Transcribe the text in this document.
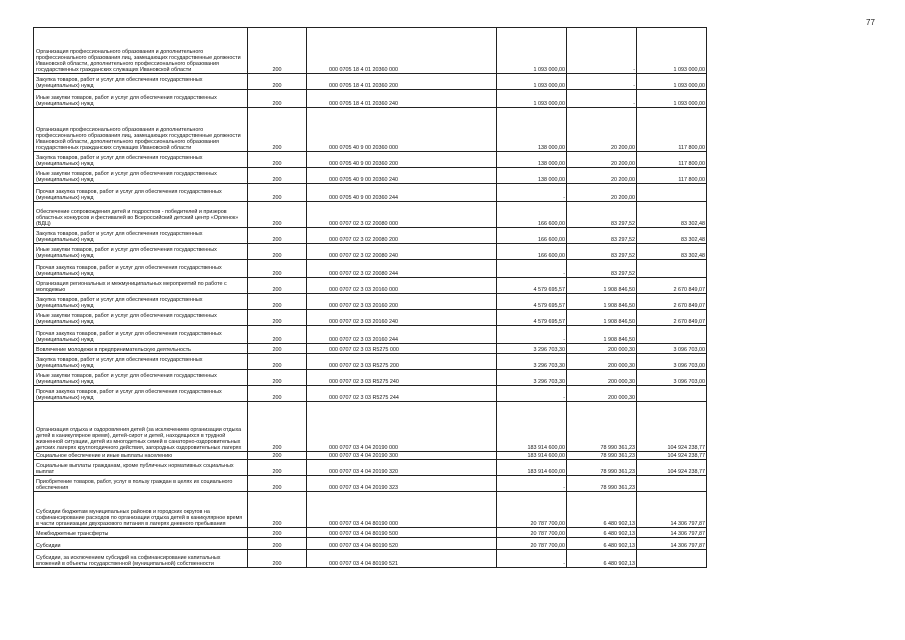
77
Организация профессионального образования и дополнительного профессионального образования лиц, замещающих государственные должности Ивановской области, дополнительного профессионального образования государственных гражданских служащих Ивановской области	200	000 0705 18 4 01 20360 000	1 093 000,00	-	1 093 000,00
Закупка товаров, работ и услуг для обеспечения государственных (муниципальных) нужд	200	000 0705 18 4 01 20360 200	1 093 000,00	-	1 093 000,00
Иные закупки товаров, работ и услуг для обеспечения государственных (муниципальных) нужд	200	000 0705 18 4 01 20360 240	1 093 000,00	-	1 093 000,00
Организация профессионального образования и дополнительного профессионального образования лиц, замещающих государственные должности Ивановской области, дополнительного профессионального образования государственных гражданских служащих Ивановской области	200	000 0705 40 9 00 20360 000	138 000,00	20 200,00	117 800,00
Закупка товаров, работ и услуг для обеспечения государственных (муниципальных) нужд	200	000 0705 40 9 00 20360 200	138 000,00	20 200,00	117 800,00
Иные закупки товаров, работ и услуг для обеспечения государственных (муниципальных) нужд	200	000 0705 40 9 00 20360 240	138 000,00	20 200,00	117 800,00
Прочая закупка товаров, работ и услуг для обеспечения государственных (муниципальных) нужд	200	000 0705 40 9 00 20360 244	-	20 200,00	
Обеспечение сопровождения детей и подростков - победителей и призеров областных конкурсов и фестивалей во Всероссийский детский центр «Орленок» (ВДЦ)	200	000 0707 02 3 02 20080 000	166 600,00	83 297,52	83 302,48
Закупка товаров, работ и услуг для обеспечения государственных (муниципальных) нужд	200	000 0707 02 3 02 20080 200	166 600,00	83 297,52	83 302,48
Иные закупки товаров, работ и услуг для обеспечения государственных (муниципальных) нужд	200	000 0707 02 3 02 20080 240	166 600,00	83 297,52	83 302,48
Прочая закупка товаров, работ и услуг для обеспечения государственных (муниципальных) нужд	200	000 0707 02 3 02 20080 244	-	83 297,52	
Организация региональных и межмуниципальных мероприятий по работе с молодежью	200	000 0707 02 3 03 20160 000	4 579 695,57	1 908 846,50	2 670 849,07
Закупка товаров, работ и услуг для обеспечения государственных (муниципальных) нужд	200	000 0707 02 3 03 20160 200	4 579 695,57	1 908 846,50	2 670 849,07
Иные закупки товаров, работ и услуг для обеспечения государственных (муниципальных) нужд	200	000 0707 02 3 03 20160 240	4 579 695,57	1 908 846,50	2 670 849,07
Прочая закупка товаров, работ и услуг для обеспечения государственных (муниципальных) нужд	200	000 0707 02 3 03 20160 244	-	1 908 846,50	
Вовлечение молодежи в предпринимательскую деятельность	200	000 0707 02 3 03 R5275 000	3 296 703,30	200 000,30	3 096 703,00
Закупка товаров, работ и услуг для обеспечения государственных (муниципальных) нужд	200	000 0707 02 3 03 R5275 200	3 296 703,30	200 000,30	3 096 703,00
Иные закупки товаров, работ и услуг для обеспечения государственных (муниципальных) нужд	200	000 0707 02 3 03 R5275 240	3 296 703,30	200 000,30	3 096 703,00
Прочая закупка товаров, работ и услуг для обеспечения государственных (муниципальных) нужд	200	000 0707 02 3 03 R5275 244	-	200 000,30	
Организация отдыха и оздоровления детей (за исключением организации отдыха детей в каникулярное время), детей-сирот и детей, находящихся в трудной жизненной ситуации, детей из многодетных семей в санаторно-оздоровительных детских лагерях круглогодичного действия, загородных оздоровительных лагерях	200	000 0707 03 4 04 20190 000	183 914 600,00	78 990 361,23	104 924 238,77
Социальное обеспечение и иные выплаты населению	200	000 0707 03 4 04 20190 300	183 914 600,00	78 990 361,23	104 924 238,77
Социальные выплаты гражданам, кроме публичных нормативных социальных выплат	200	000 0707 03 4 04 20190 320	183 914 600,00	78 990 361,23	104 924 238,77
Приобретение товаров, работ, услуг в пользу граждан в целях их социального обеспечения	200	000 0707 03 4 04 20190 323	-	78 990 361,23	
Субсидии бюджетам муниципальных районов и городских округов на софинансирование расходов по организации отдыха детей в каникулярное время в части организации двухразового питания в лагерях дневного пребывания	200	000 0707 03 4 04 80190 000	20 787 700,00	6 480 902,13	14 306 797,87
Межбюджетные трансферты	200	000 0707 03 4 04 80190 500	20 787 700,00	6 480 902,13	14 306 797,87
Субсидии	200	000 0707 03 4 04 80190 520	20 787 700,00	6 480 902,13	14 306 797,87
Субсидии, за исключением субсидий на софинансирование капитальных вложений в объекты государственной (муниципальной) собственности	200	000 0707 03 4 04 80190 521	-	6 480 902,13	
